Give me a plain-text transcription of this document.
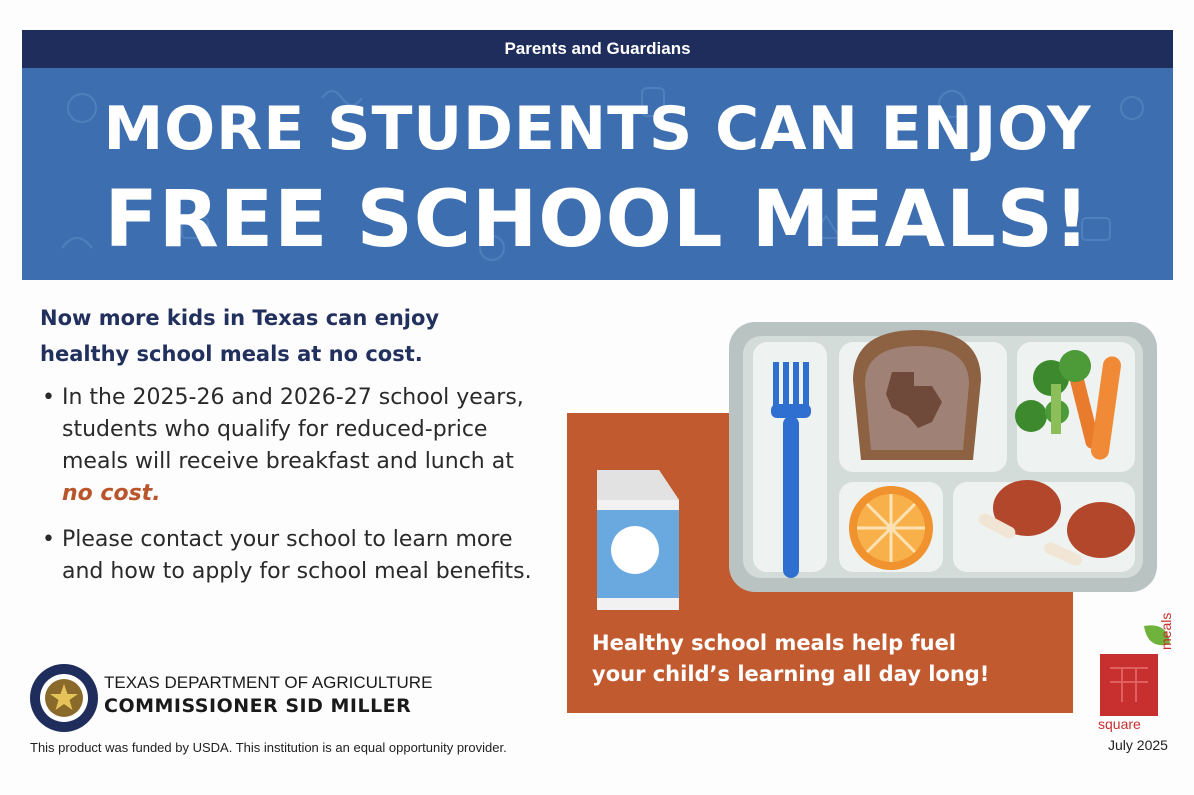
Parents and Guardians
MORE STUDENTS CAN ENJOY
FREE SCHOOL MEALS!
Now more kids in Texas can enjoy
healthy school meals at no cost.
• In the 2025-26 and 2026-27 school years, students who qualify for reduced-price meals will receive breakfast and lunch at no cost.
• Please contact your school to learn more and how to apply for school meal benefits.
TEXAS DEPARTMENT OF AGRICULTURE
COMMISSIONER SID MILLER
This product was funded by USDA. This institution is an equal opportunity provider.
Healthy school meals help fuel
your child’s learning all day long!
square
meals
July 2025
